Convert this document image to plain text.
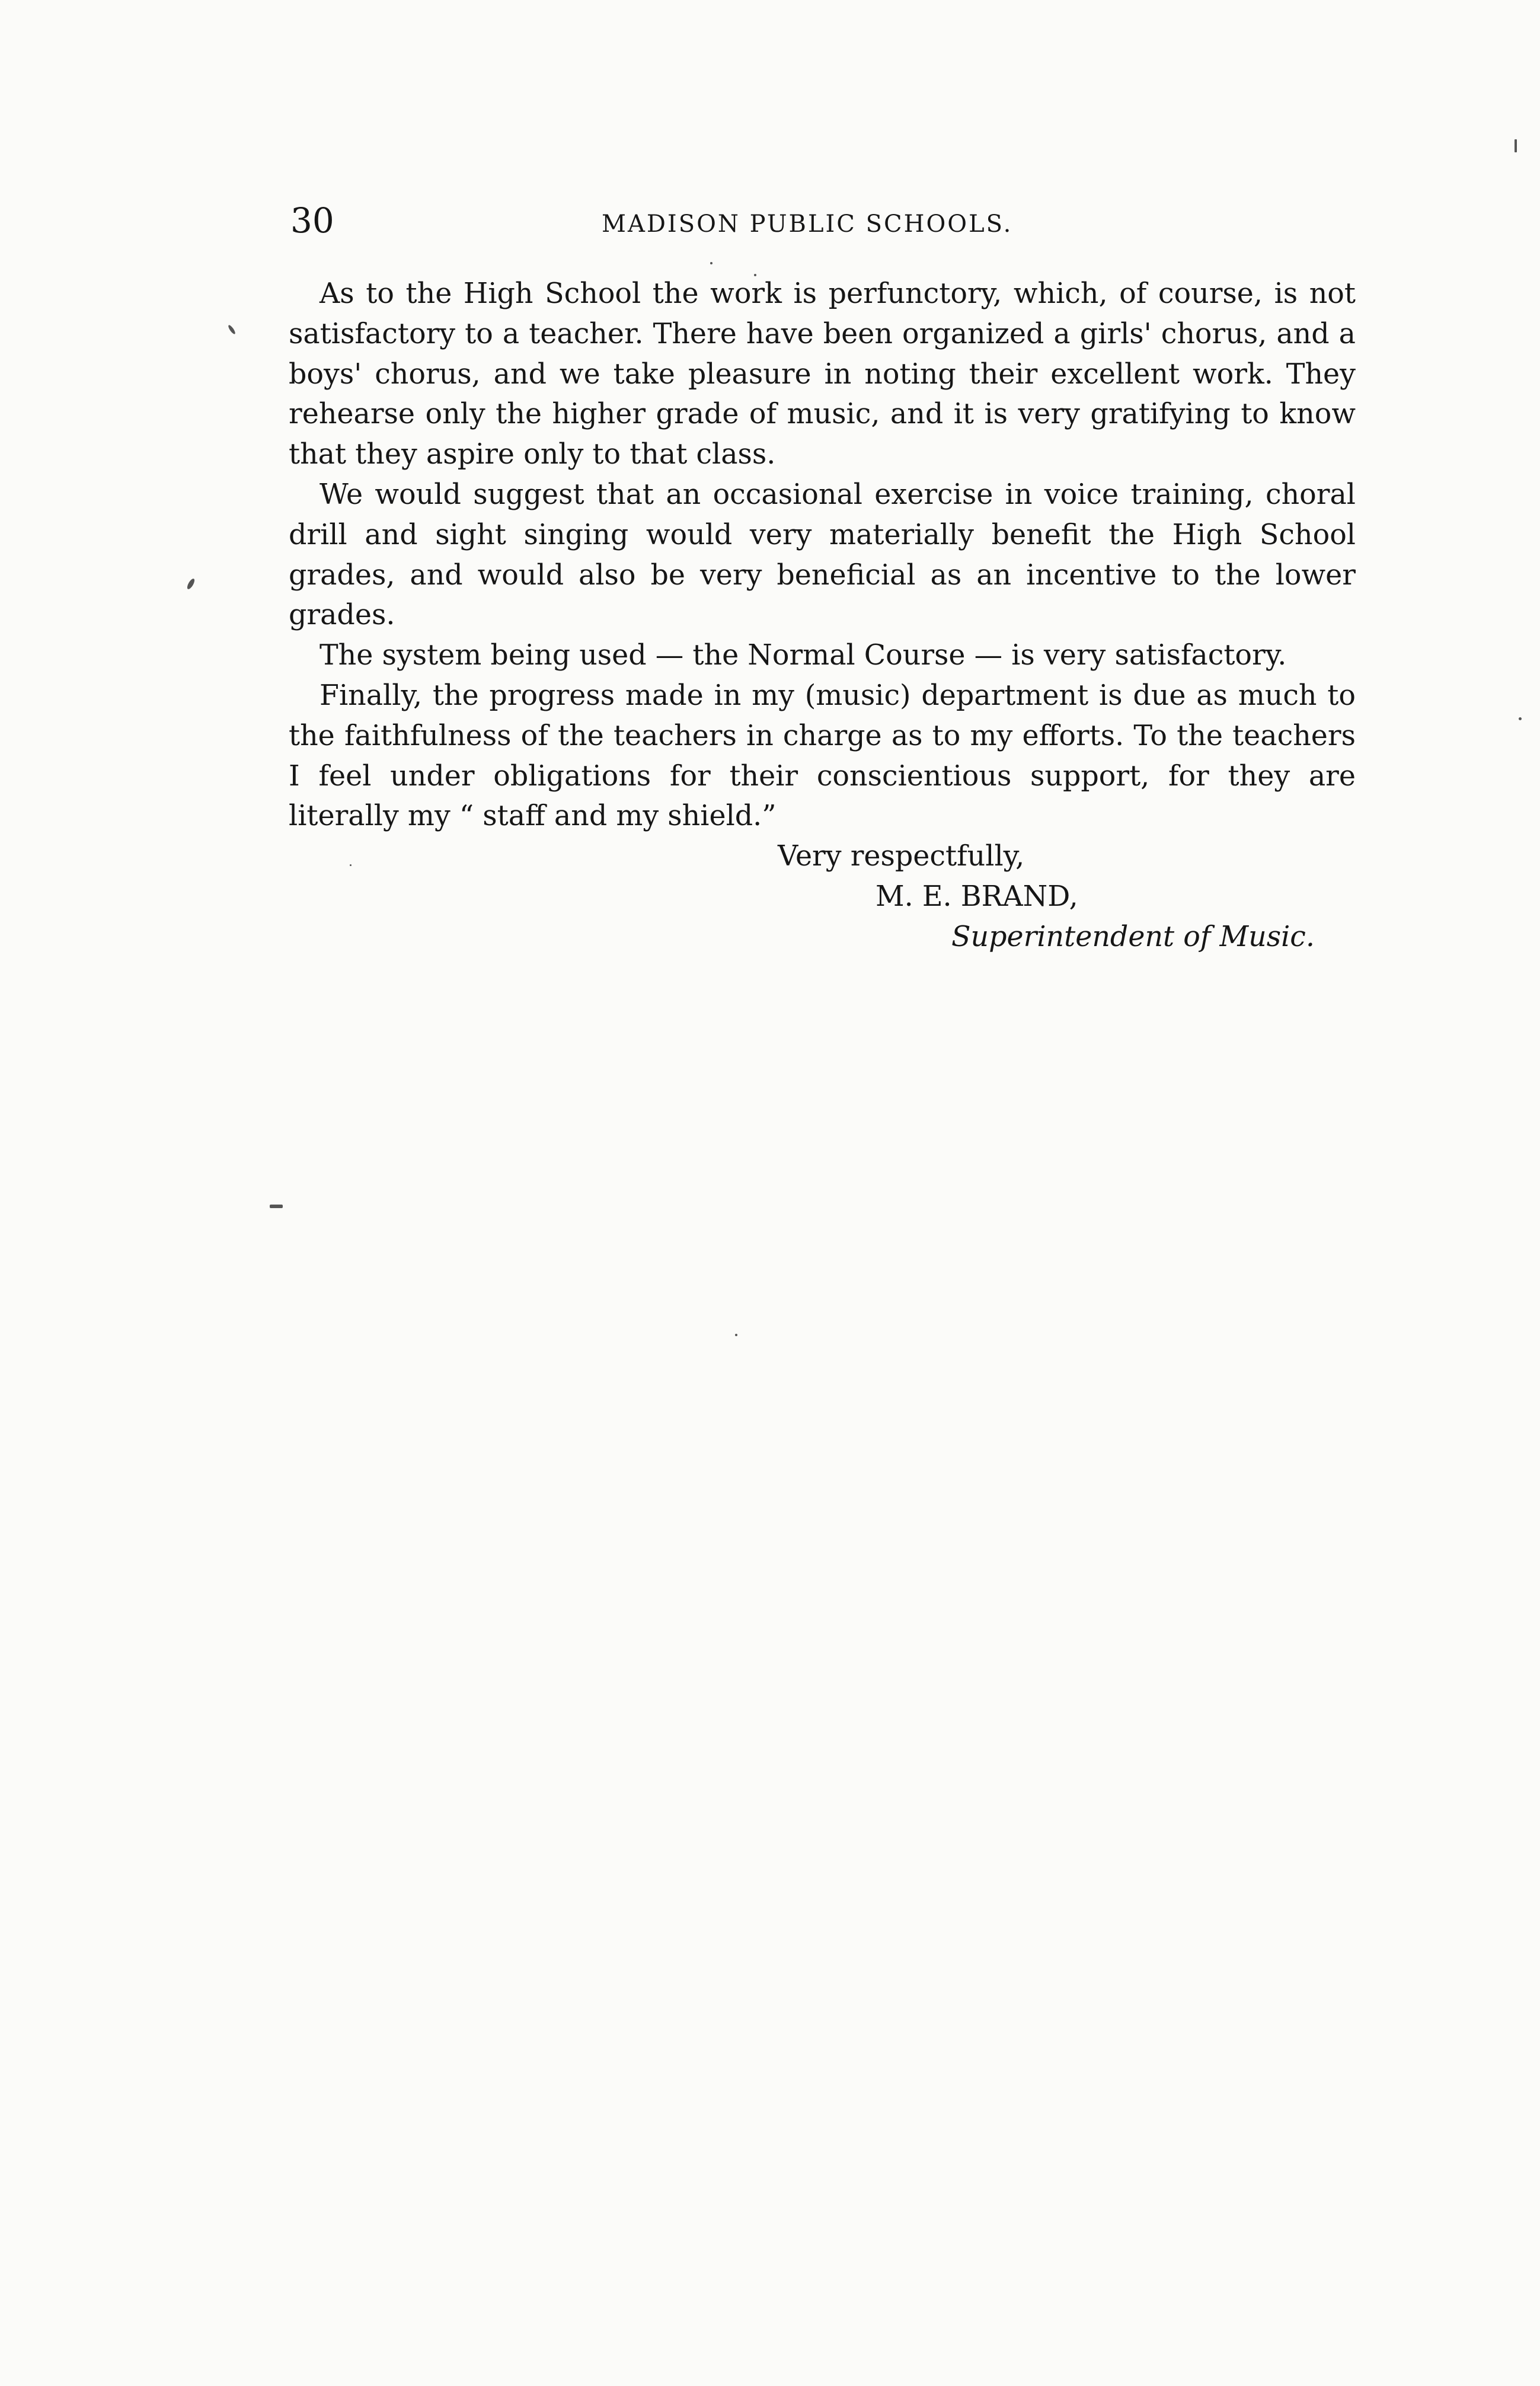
30	MADISON PUBLIC SCHOOLS.

As to the High School the work is perfunctory, which, of course, is not satisfactory to a teacher. There have been organized a girls' chorus, and a boys' chorus, and we take pleasure in noting their excellent work. They rehearse only the higher grade of music, and it is very gratifying to know that they aspire only to that class.

We would suggest that an occasional exercise in voice training, choral drill and sight singing would very materially benefit the High School grades, and would also be very beneficial as an incentive to the lower grades.

The system being used — the Normal Course — is very satisfactory.

Finally, the progress made in my (music) department is due as much to the faithfulness of the teachers in charge as to my efforts. To the teachers I feel under obligations for their conscientious support, for they are literally my “ staff and my shield.”

Very respectfully,
M. E. BRAND,
Superintendent of Music.
